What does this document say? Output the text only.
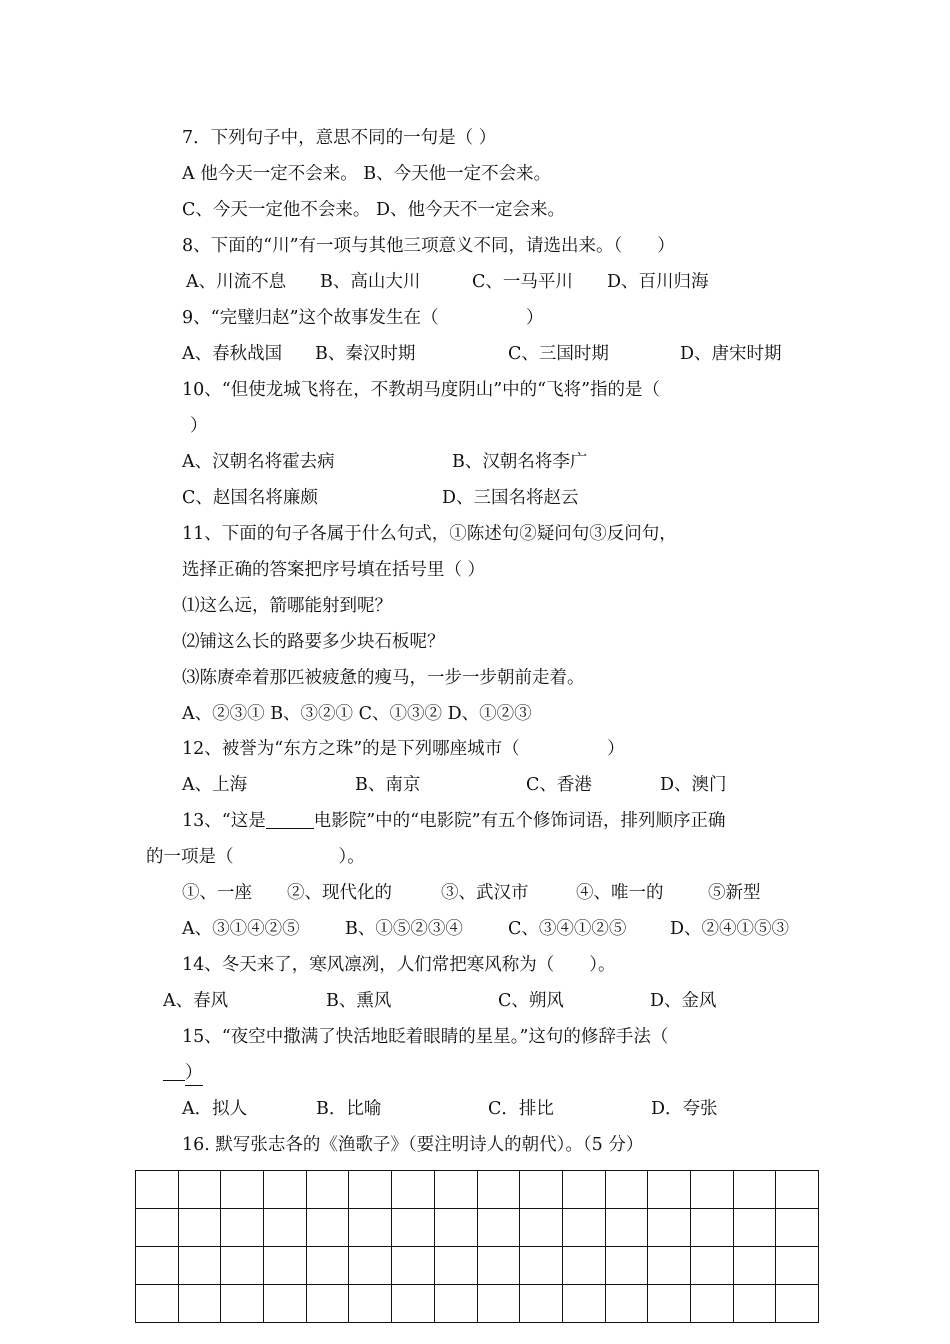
7．下列句子中，意思不同的一句是（ ）
A 他今天一定不会来。 B、今天他一定不会来。
C、今天一定他不会来。 D、他今天不一定会来。
8、下面的“川”有一项与其他三项意义不同，请选出来。（　　）
A、川流不息 B、高山大川	C、一马平川 D、百川归海
9、“完璧归赵”这个故事发生在（　　　　　）
A、春秋战国 B、秦汉时期	C、三国时期	D、唐宋时期
10、“但使龙城飞将在，不教胡马度阴山”中的“飞将”指的是（
）
A、汉朝名将霍去病	B、汉朝名将李广
C、赵国名将廉颇	D、三国名将赵云
11、下面的句子各属于什么句式，①陈述句②疑问句③反问句，
选择正确的答案把序号填在括号里（ ）
⑴这么远，箭哪能射到呢？
⑵铺这么长的路要多少块石板呢？
⑶陈赓牵着那匹被疲惫的瘦马，一步一步朝前走着。
A、②③① B、③②① C、①③② D、①②③
12、被誉为“东方之珠”的是下列哪座城市（　　　　　）
A、上海	B、南京	C、香港	D、澳门
13、“这是	电影院”中的“电影院”有五个修饰词语，排列顺序正确
的一项是（　　　　　　）。
①、一座 ②、现代化的	③、武汉市	④、唯一的	⑤新型
A、③①④②⑤	B、①⑤②③④	C、③④①②⑤ D、②④①⑤③
14、冬天来了，寒风凛冽，人们常把寒风称为（　　）。
A、春风	B、熏风	C、朔风	D、金风
15、“夜空中撒满了快活地眨着眼睛的星星。”这句的修辞手法（
）
A．拟人	B．比喻	C．排比	D．夸张
16. 默写张志各的《渔歌子》（要注明诗人的朝代）。（5 分）
